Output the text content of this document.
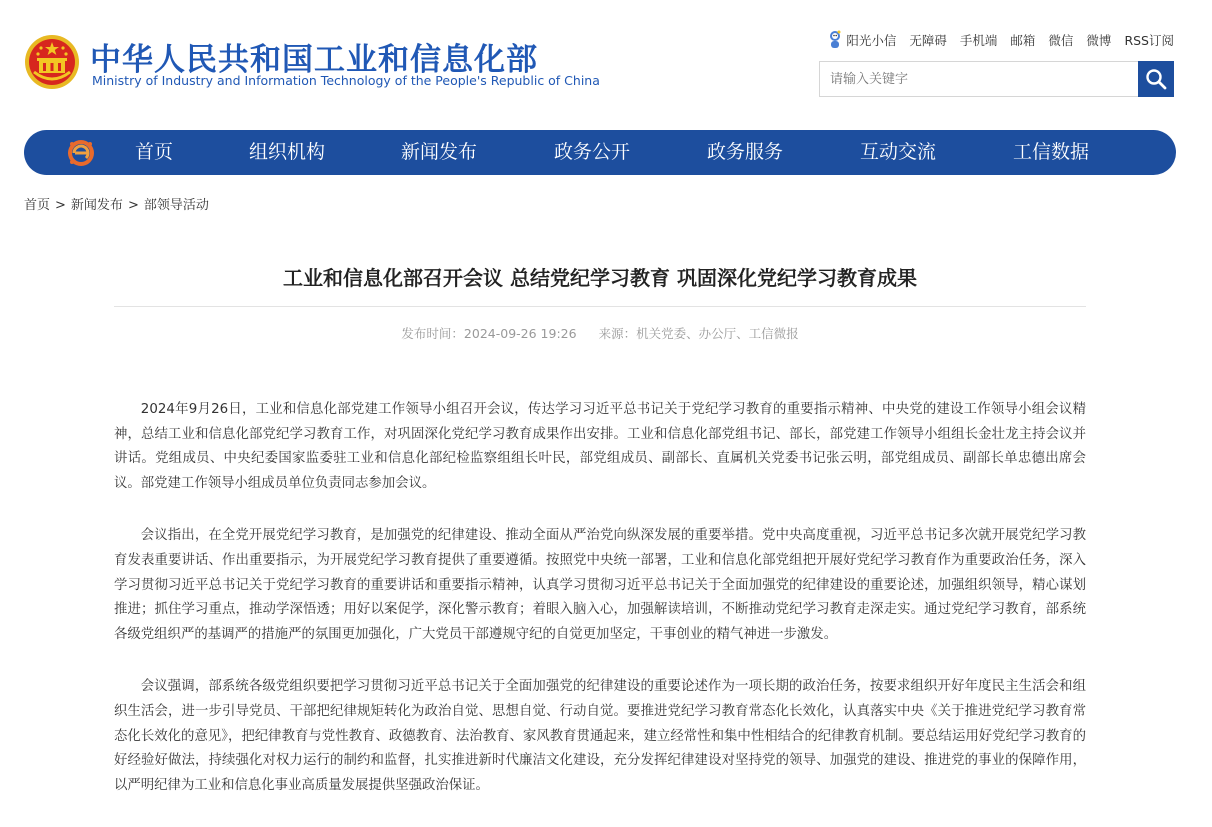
中华人民共和国工业和信息化部
Ministry of Industry and Information Technology of the People's Republic of China
阳光小信 无障碍 手机端 邮箱 微信 微博 RSS订阅
请输入关键字
首页	组织机构	新闻发布	政务公开	政务服务	互动交流	工信数据
首页 > 新闻发布 > 部领导活动
工业和信息化部召开会议 总结党纪学习教育 巩固深化党纪学习教育成果
发布时间：2024-09-26 19:26 来源：机关党委、办公厅、工信微报

2024年9月26日，工业和信息化部党建工作领导小组召开会议，传达学习习近平总书记关于党纪学习教育的重要指示精神、中央党的建设工作领导小组会议精神，总结工业和信息化部党纪学习教育工作，对巩固深化党纪学习教育成果作出安排。工业和信息化部党组书记、部长，部党建工作领导小组组长金壮龙主持会议并讲话。党组成员、中央纪委国家监委驻工业和信息化部纪检监察组组长叶民，部党组成员、副部长、直属机关党委书记张云明，部党组成员、副部长单忠德出席会议。部党建工作领导小组成员单位负责同志参加会议。

会议指出，在全党开展党纪学习教育，是加强党的纪律建设、推动全面从严治党向纵深发展的重要举措。党中央高度重视，习近平总书记多次就开展党纪学习教育发表重要讲话、作出重要指示，为开展党纪学习教育提供了重要遵循。按照党中央统一部署，工业和信息化部党组把开展好党纪学习教育作为重要政治任务，深入学习贯彻习近平总书记关于党纪学习教育的重要讲话和重要指示精神，认真学习贯彻习近平总书记关于全面加强党的纪律建设的重要论述，加强组织领导，精心谋划推进；抓住学习重点，推动学深悟透；用好以案促学，深化警示教育；着眼入脑入心，加强解读培训，不断推动党纪学习教育走深走实。通过党纪学习教育，部系统各级党组织严的基调严的措施严的氛围更加强化，广大党员干部遵规守纪的自觉更加坚定，干事创业的精气神进一步激发。

会议强调，部系统各级党组织要把学习贯彻习近平总书记关于全面加强党的纪律建设的重要论述作为一项长期的政治任务，按要求组织开好年度民主生活会和组织生活会，进一步引导党员、干部把纪律规矩转化为政治自觉、思想自觉、行动自觉。要推进党纪学习教育常态化长效化，认真落实中央《关于推进党纪学习教育常态化长效化的意见》，把纪律教育与党性教育、政德教育、法治教育、家风教育贯通起来，建立经常性和集中性相结合的纪律教育机制。要总结运用好党纪学习教育的好经验好做法，持续强化对权力运行的制约和监督，扎实推进新时代廉洁文化建设，充分发挥纪律建设对坚持党的领导、加强党的建设、推进党的事业的保障作用，以严明纪律为工业和信息化事业高质量发展提供坚强政治保证。
